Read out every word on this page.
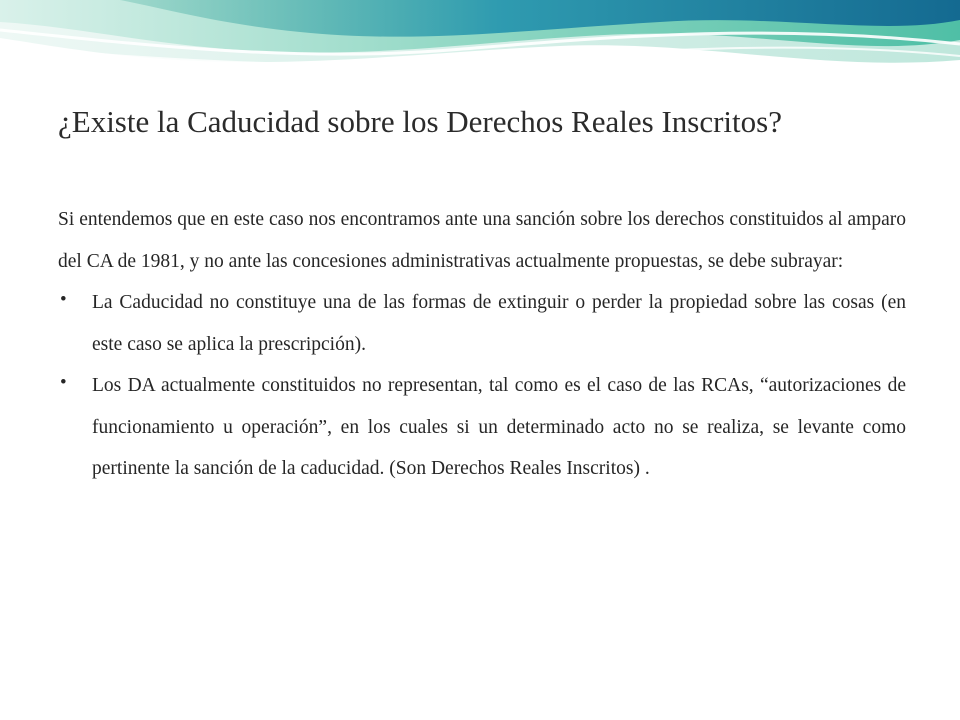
¿Existe la Caducidad sobre los Derechos Reales Inscritos?

Si entendemos que en este caso nos encontramos ante una sanción sobre los derechos constituidos al amparo del CA de 1981, y no ante las concesiones administrativas actualmente propuestas, se debe subrayar:

• La Caducidad no constituye una de las formas de extinguir o perder la propiedad sobre las cosas (en este caso se aplica la prescripción).
• Los DA actualmente constituidos no representan, tal como es el caso de las RCAs, “autorizaciones de funcionamiento u operación”, en los cuales si un determinado acto no se realiza, se levante como pertinente la sanción de la caducidad. (Son Derechos Reales Inscritos) .
